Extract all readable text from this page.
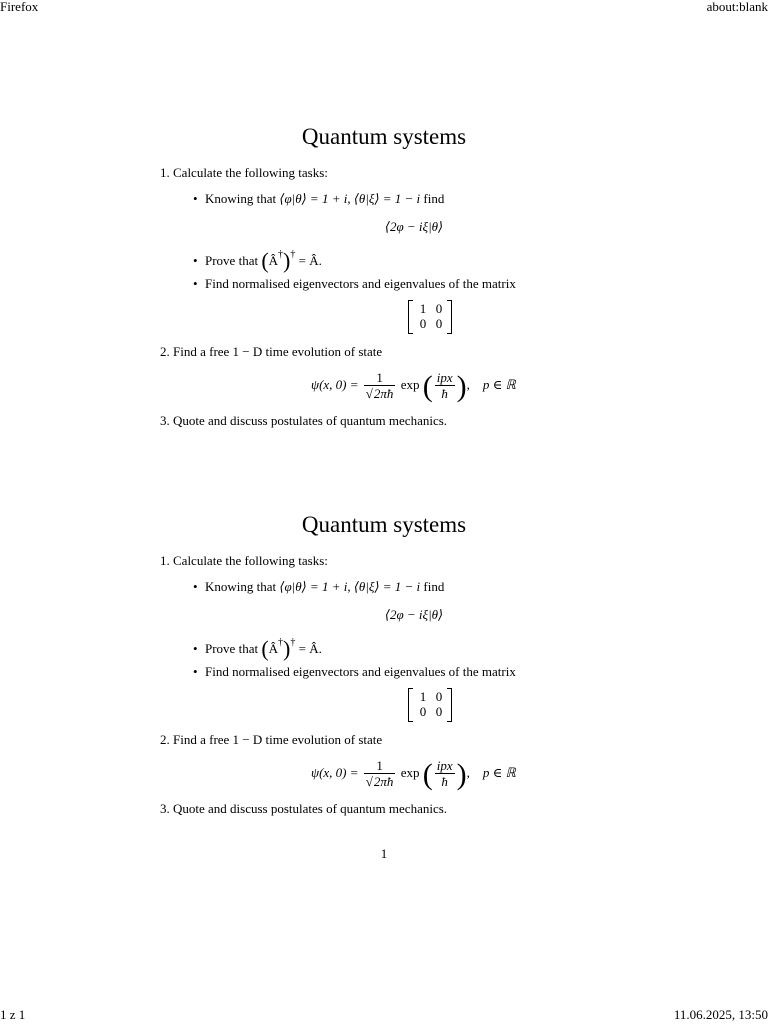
Firefox	about:blank
Quantum systems
1. Calculate the following tasks:
• Knowing that ⟨φ|θ⟩ = 1 + i, ⟨θ|ξ⟩ = 1 − i find
⟨2φ − iξ|θ⟩
• Prove that (Â†)† = Â.
• Find normalised eigenvectors and eigenvalues of the matrix
1 0
0 0
2. Find a free 1 − D time evolution of state
ψ(x, $0) = \frac{1}{√2\pi ħ}$ exp ( $\frac{\text{ipx}}{ħ}$ ),    p ∈ ℝ
3. Quote and discuss postulates of quantum mechanics.
Quantum systems
1. Calculate the following tasks:
• Knowing that ⟨φ|θ⟩ = 1 + i, ⟨θ|ξ⟩ = 1 − i find
⟨2φ − iξ|θ⟩
• Prove that (Â†)† = Â.
• Find normalised eigenvectors and eigenvalues of the matrix
1 0
0 0
2. Find a free 1 − D time evolution of state
ψ(x, $0) = \frac{1}{√2\pi ħ}$ exp ( $\frac{\text{ipx}}{ħ}$ ),    p ∈ ℝ
3. Quote and discuss postulates of quantum mechanics.
1
1 z 1	11.06.2025, 13:50
